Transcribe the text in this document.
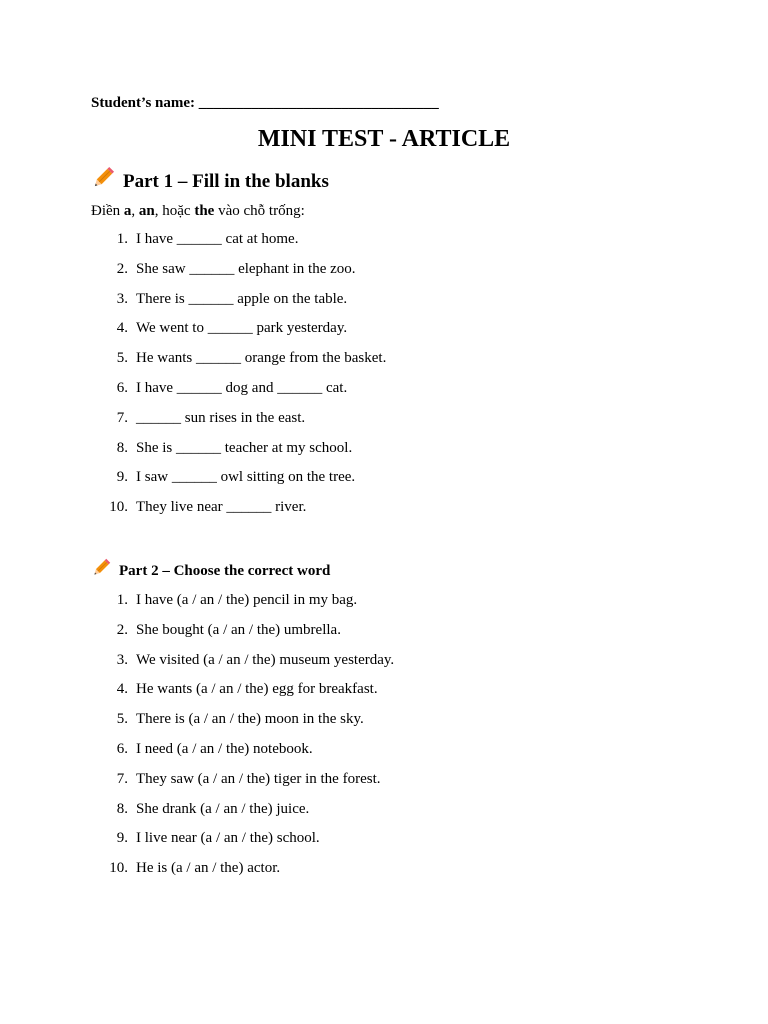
Student’s name: ________________________________
MINI TEST - ARTICLE
Part 1 – Fill in the blanks
Điền a, an, hoặc the vào chỗ trống:
1. I have ______ cat at home.
2. She saw ______ elephant in the zoo.
3. There is ______ apple on the table.
4. We went to ______ park yesterday.
5. He wants ______ orange from the basket.
6. I have ______ dog and ______ cat.
7. ______ sun rises in the east.
8. She is ______ teacher at my school.
9. I saw ______ owl sitting on the tree.
10. They live near ______ river.
Part 2 – Choose the correct word
1. I have (a / an / the) pencil in my bag.
2. She bought (a / an / the) umbrella.
3. We visited (a / an / the) museum yesterday.
4. He wants (a / an / the) egg for breakfast.
5. There is (a / an / the) moon in the sky.
6. I need (a / an / the) notebook.
7. They saw (a / an / the) tiger in the forest.
8. She drank (a / an / the) juice.
9. I live near (a / an / the) school.
10. He is (a / an / the) actor.
